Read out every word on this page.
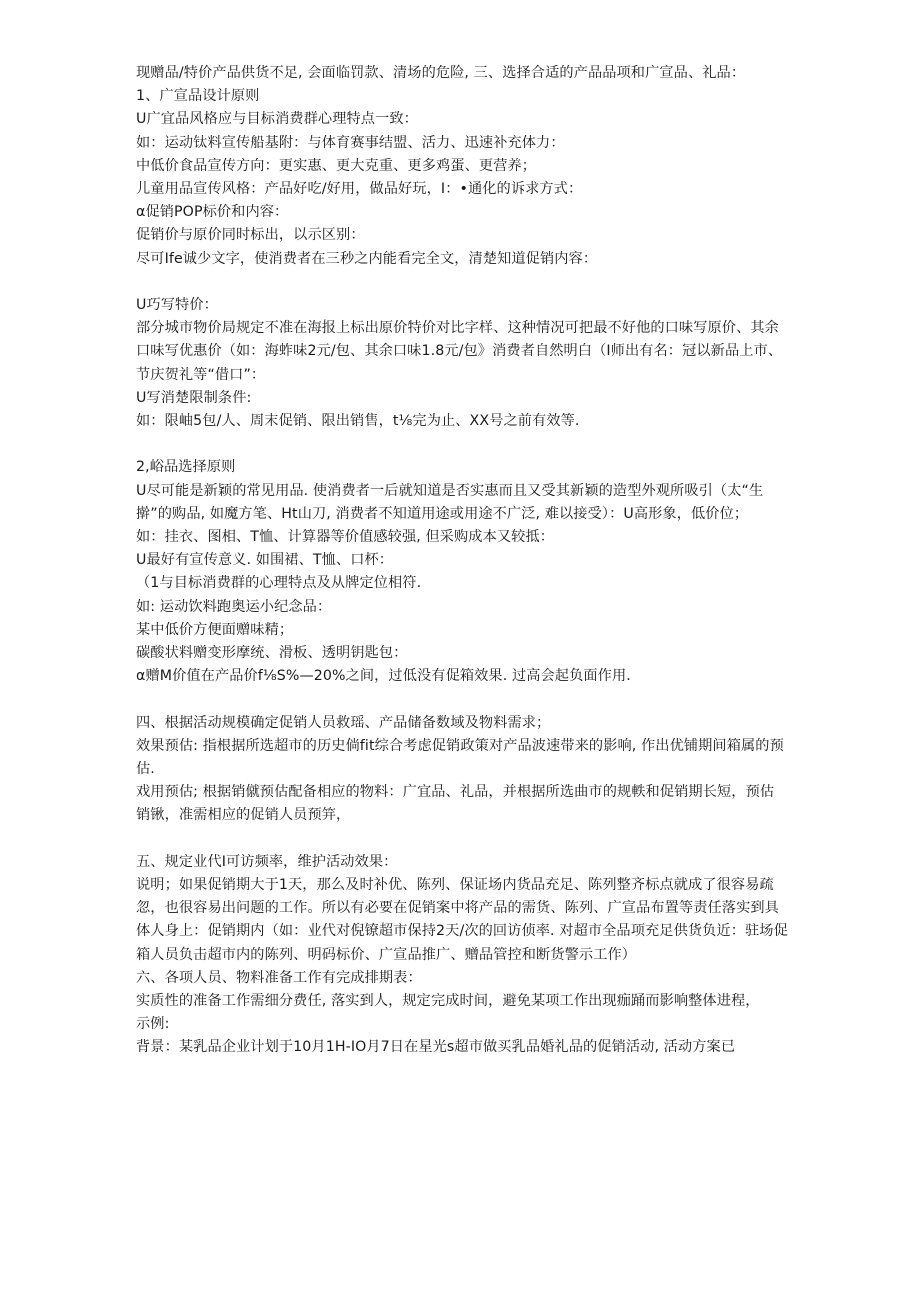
现赠品/特价产品供货不足, 会面临罚款、清场的危险, 三、选择合适的产品品项和广宣品、礼品：

1、广宣品设计原则

U广宜品风格应与目标消费群心理特点一致：

如：运动钛料宣传船基附：与体育赛事结盟、活力、迅速补充体力：

中低价食品宣传方向：更实惠、更大克重、更多鸡蛋、更营养；

儿童用品宣传风格：产品好吃/好用，做品好玩，I：•通化的诉求方式：

α促销POP标价和内容：

促销价与原价同时标出，以示区别：

尽可Ife诚少文字，使消费者在三秒之内能看完全文，清楚知道促销内容：

U巧写特价：

部分城市物价局规定不准在海报上标出原价特价对比字样、这种情况可把最不好他的口味写原价、其余口味写优惠价（如：海蚱味2元/包、其余口味1.8元/包》消费者自然明白（I师出有名：冠以新品上市、节庆贺礼等“借口”：

U写消楚限制条件:

如：限岫5包/人、周末促销、限出销售，t⅛完为止、XX号之前有效等.

2,峪品选择原则

U尽可能是新颖的常见用品. 使消费者一后就知道是否实惠而且又受其新颖的造型外观所吸引（太“生擀”的购品, 如魔方笔、Ht山刀, 消费者不知道用途或用途不广泛, 难以接受）：U高形象，低价位；

如：挂衣、图相、T恤、计算器等价值感较强, 但采购成本又较抵：

U最好有宣传意义. 如围裙、T恤、口杯：

（1与目标消费群的心理特点及从牌定位相符.

如: 运动饮料跑奥运小纪念品：

某中低价方便面赠味精；

碳酸状料赠变形摩统、滑板、透明钥匙包：

α赠M价值在产品价f⅛S%—20%之间，过低没有促箱效果. 过高会起负面作用.

四、根据活动规模确定促销人员救瑶、产品储备数域及物料需求；

效果预估: 指根据所选超市的历史倘fit综合考虑促销政策对产品波速带来的影响, 作出优铺期间箱属的预估.

戏用预估; 根据销僦预估配备相应的物料：广宜品、礼品，并根据所选曲市的规軼和促销期长短，预估销锹，准需相应的促销人员预笄，

五、规定业代I可访频率，维护活动效果：

说明；如果促销期大于1天，那么及时补优、陈列、保证场内货品充足、陈列整齐标点就成了很容易疏忽，也很容易出问题的工作。所以有必要在促销案中将产品的需货、陈列、广宣品布置等责任落实到具体人身上：促销期内（如：业代对倪镣超市保持2天/次的回访侦率. 对超市全品项充足供货负近：驻场促箱人员负击超市内的陈列、明码标价、广宣品推广、赠品管控和断货警示工作）

六、各项人员、物料准备工作有完成排期表：

实质性的准备工作需细分费任, 落实到人，规定完成时间，避免某项工作出现痂踊而影响整体进程，

示例:

背景：某乳品企业计划于10月1H-IO月7日在星光s超市做买乳品婚礼品的促销活动, 活动方案已
